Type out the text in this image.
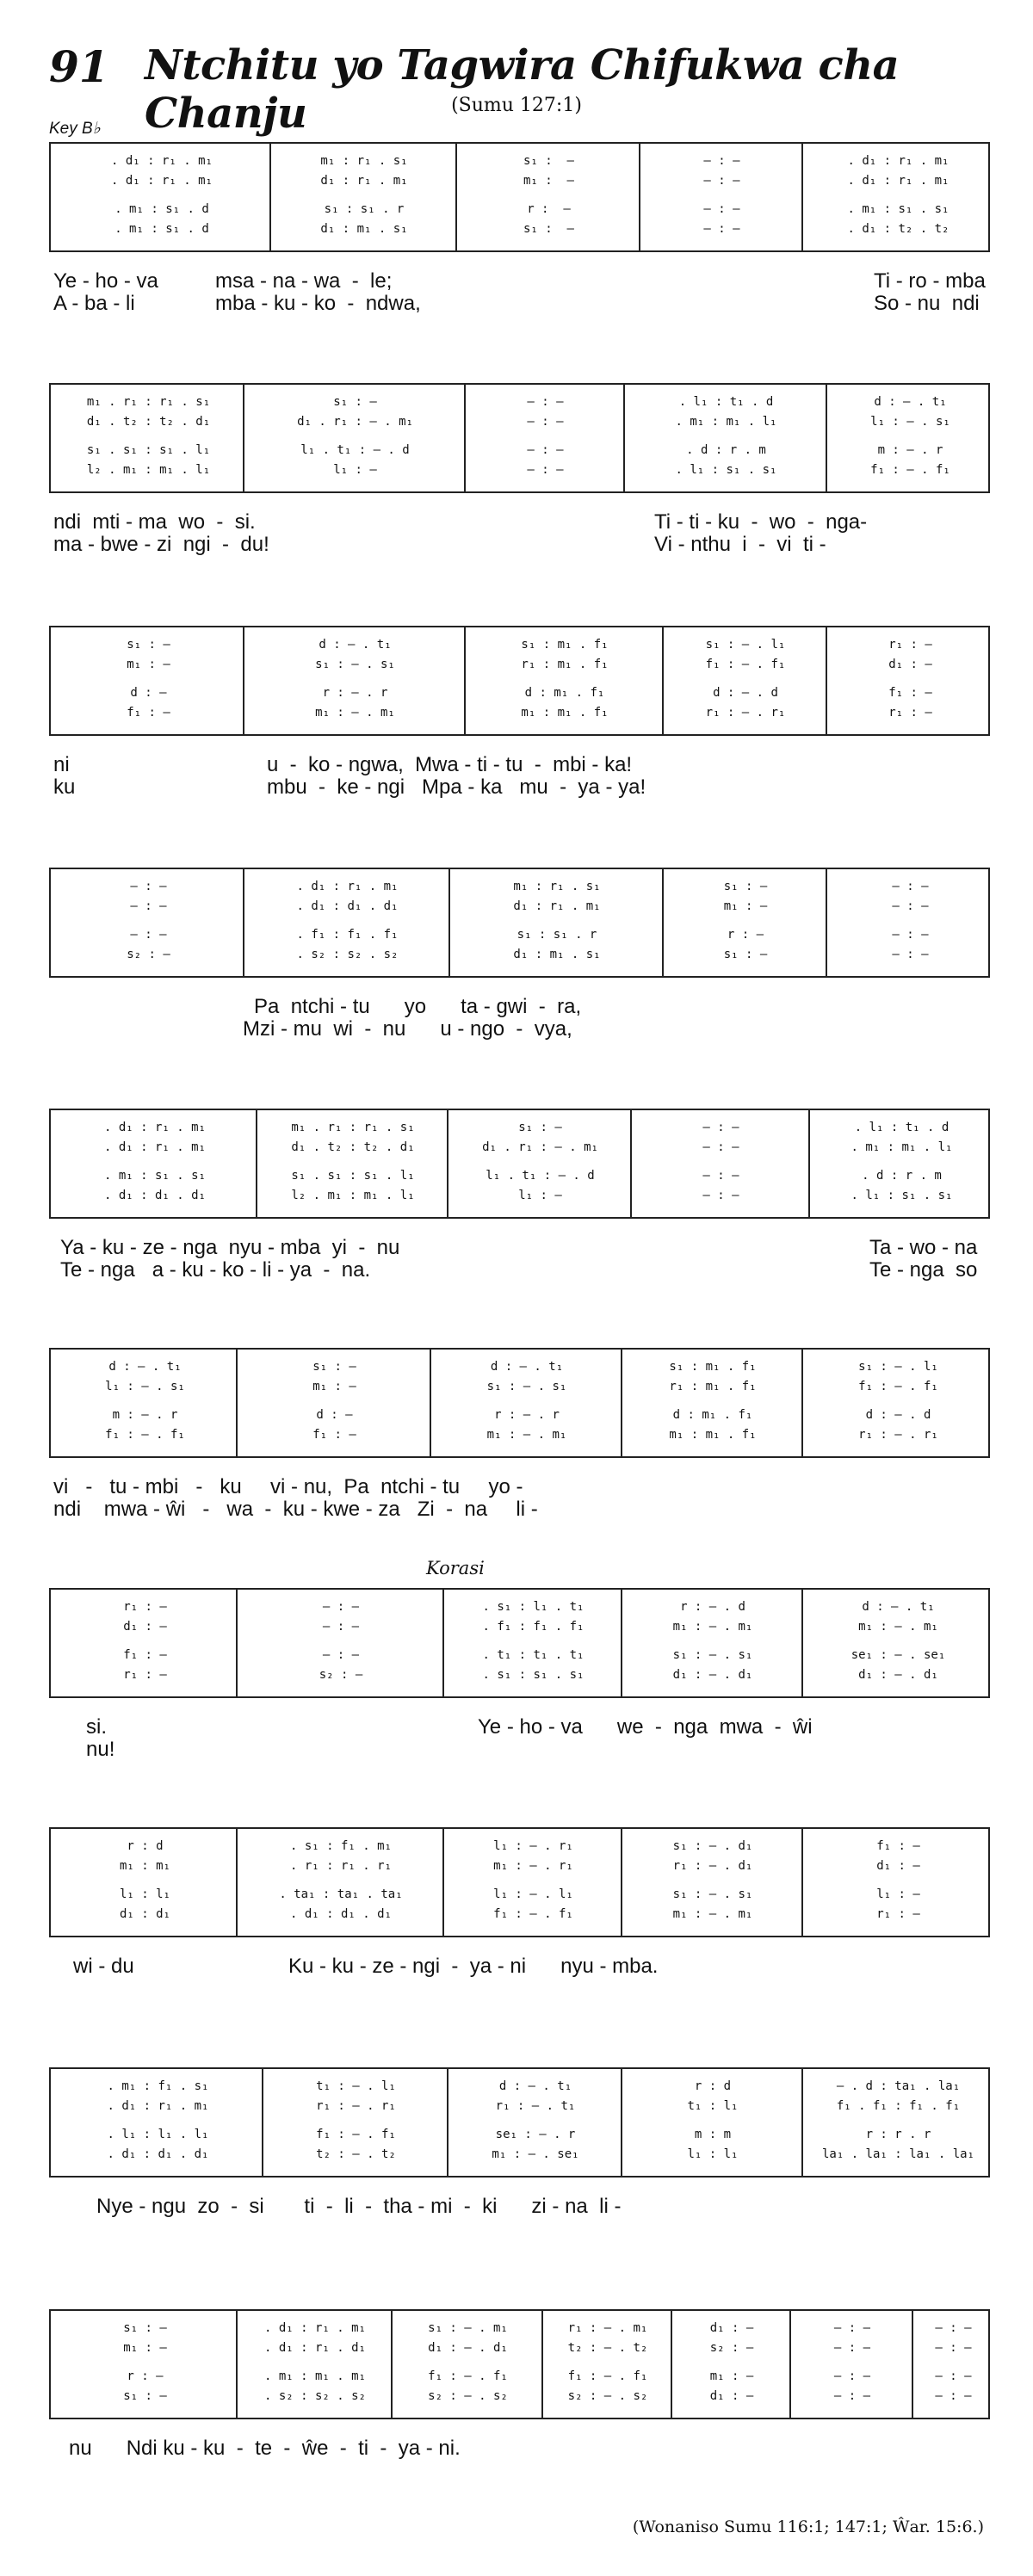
91 Ntchitu yo Tagwira Chifukwa cha Chanju	(Sumu 127:1)
Key B♭
. d₁ : r₁ . m₁	m₁ : r₁ . s₁	s₁ :  —	— : —	. d₁ : r₁ . m₁
. d₁ : r₁ . m₁	d₁ : r₁ . m₁	m₁ :  —	— : —	. d₁ : r₁ . m₁
. m₁ : s₁ . d	s₁ : s₁ . r	r :  —	— : —	. m₁ : s₁ . s₁
. m₁ : s₁ . d	d₁ : m₁ . s₁	s₁ :  —	— : —	. d₁ : t₂ . t₂
Ye - ho - va	msa - na - wa  -  le;	Ti - ro - mba
A - ba - li	mba - ku - ko  -  ndwa,	So - nu  ndi
m₁ . r₁ : r₁ . s₁	s₁ : —	— : —	. l₁ : t₁ . d	d : – . t₁
d₁ . t₂ : t₂ . d₁	d₁ . r₁ : – . m₁	— : —	. m₁ : m₁ . l₁	l₁ : – . s₁
s₁ . s₁ : s₁ . l₁	l₁ . t₁ : – . d	— : —	. d : r . m	m : – . r
l₂ . m₁ : m₁ . l₁	l₁ : —	— : —	. l₁ : s₁ . s₁	f₁ : – . f₁
ndi  mti - ma  wo  -  si.	Ti - ti - ku  -  wo  -  nga-
ma - bwe - zi  ngi  -  du!	Vi - nthu  i  -  vi  ti -
s₁ : —	d : – . t₁	s₁ : m₁ . f₁	s₁ : – . l₁	r₁ : —
m₁ : —	s₁ : – . s₁	r₁ : m₁ . f₁	f₁ : – . f₁	d₁ : —
d : —	r : – . r	d : m₁ . f₁	d : – . d	f₁ : —
f₁ : —	m₁ : – . m₁	m₁ : m₁ . f₁	r₁ : – . r₁	r₁ : —
ni	u  -  ko - ngwa,  Mwa - ti - tu  -  mbi - ka!
ku	mbu  -  ke - ngi   Mpa - ka   mu  -  ya - ya!
— : —	. d₁ : r₁ . m₁	m₁ : r₁ . s₁	s₁ : —	— : —
— : —	. d₁ : d₁ . d₁	d₁ : r₁ . m₁	m₁ : —	— : —
— : —	. f₁ : f₁ . f₁	s₁ : s₁ . r	r : —	— : —
s₂ : —	. s₂ : s₂ . s₂	d₁ : m₁ . s₁	s₁ : —	— : —
Pa  ntchi - tu      yo      ta - gwi  -  ra,
Mzi - mu  wi  -  nu      u - ngo  -  vya,
. d₁ : r₁ . m₁	m₁ . r₁ : r₁ . s₁	s₁ : —	— : —	. l₁ : t₁ . d
. d₁ : r₁ . m₁	d₁ . t₂ : t₂ . d₁	d₁ . r₁ : – . m₁	— : —	. m₁ : m₁ . l₁
. m₁ : s₁ . s₁	s₁ . s₁ : s₁ . l₁	l₁ . t₁ : – . d	— : —	. d : r . m
. d₁ : d₁ . d₁	l₂ . m₁ : m₁ . l₁	l₁ : —	— : —	. l₁ : s₁ . s₁
Ya - ku - ze - nga  nyu - mba  yi  -  nu	Ta - wo - na
Te - nga   a - ku - ko - li - ya  -  na.	Te - nga  so
d : – . t₁	s₁ : —	d : – . t₁	s₁ : m₁ . f₁	s₁ : – . l₁
l₁ : – . s₁	m₁ : —	s₁ : – . s₁	r₁ : m₁ . f₁	f₁ : – . f₁
m : – . r	d : —	r : – . r	d : m₁ . f₁	d : – . d
f₁ : – . f₁	f₁ : —	m₁ : – . m₁	m₁ : m₁ . f₁	r₁ : – . r₁
vi   -   tu - mbi   -   ku     vi - nu,  Pa  ntchi - tu     yo -
ndi    mwa - ŵi   -   wa  -  ku - kwe - za   Zi  -  na     li -
r₁ : —	— : —	. s₁ : l₁ . t₁	r : – . d	d : – . t₁
d₁ : —	— : —	. f₁ : f₁ . f₁	m₁ : – . m₁	m₁ : – . m₁
f₁ : —	— : —	. t₁ : t₁ . t₁	s₁ : – . s₁	se₁ : – . se₁
r₁ : —	s₂ : —	. s₁ : s₁ . s₁	d₁ : – . d₁	d₁ : – . d₁
si.	Ye - ho - va      we  -  nga  mwa  -  ŵi
nu!
r : d	. s₁ : f₁ . m₁	l₁ : – . r₁	s₁ : – . d₁	f₁ : —
m₁ : m₁	. r₁ : r₁ . r₁	m₁ : – . r₁	r₁ : – . d₁	d₁ : —
l₁ : l₁	. ta₁ : ta₁ . ta₁	l₁ : – . l₁	s₁ : – . s₁	l₁ : —
d₁ : d₁	. d₁ : d₁ . d₁	f₁ : – . f₁	m₁ : – . m₁	r₁ : —
wi - du	Ku - ku - ze - ngi  -  ya - ni      nyu - mba.
. m₁ : f₁ . s₁	t₁ : – . l₁	d : – . t₁	r : d	– . d : ta₁ . la₁
. d₁ : r₁ . m₁	r₁ : – . r₁	r₁ : – . t₁	t₁ : l₁	f₁ . f₁ : f₁ . f₁
. l₁ : l₁ . l₁	f₁ : – . f₁	se₁ : – . r	m : m	r : r . r
. d₁ : d₁ . d₁	t₂ : – . t₂	m₁ : – . se₁	l₁ : l₁	la₁ . la₁ : la₁ . la₁
Nye - ngu  zo  -  si       ti  -  li  -  tha - mi  -  ki      zi - na  li -
s₁ : —	. d₁ : r₁ . m₁	s₁ : – . m₁	r₁ : – . m₁	d₁ : —	— : —	— : —
m₁ : —	. d₁ : r₁ . d₁	d₁ : – . d₁	t₂ : – . t₂	s₂ : —	— : —	— : —
r : —	. m₁ : m₁ . m₁	f₁ : – . f₁	f₁ : – . f₁	m₁ : —	— : —	— : —
s₁ : —	. s₂ : s₂ . s₂	s₂ : – . s₂	s₂ : – . s₂	d₁ : —	— : —	— : —
nu      Ndi ku - ku  -  te  -  ŵe  -  ti  -  ya - ni.
Korasi
(Wonaniso Sumu 116:1; 147:1; Ŵar. 15:6.)
